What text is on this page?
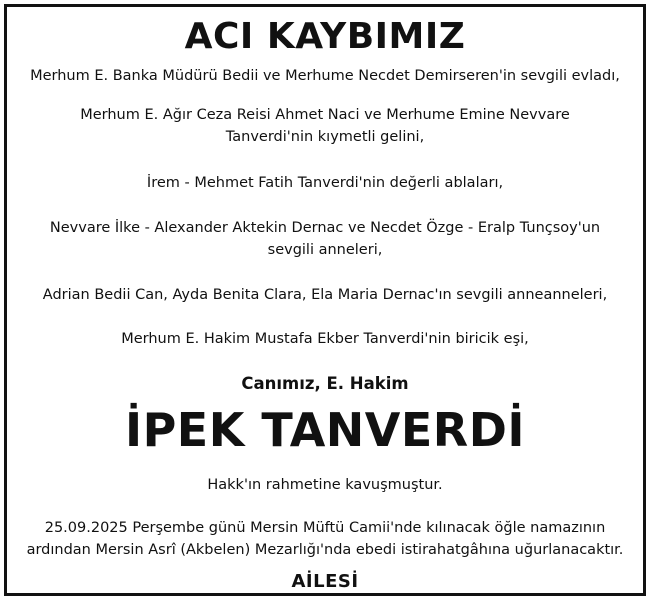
ACI KAYBIMIZ
Merhum E. Banka Müdürü Bedii ve Merhume Necdet Demirseren'in sevgili evladı,
Merhum E. Ağır Ceza Reisi Ahmet Naci ve Merhume Emine Nevvare Tanverdi'nin kıymetli gelini,
İrem - Mehmet Fatih Tanverdi'nin değerli ablaları,
Nevvare İlke - Alexander Aktekin Dernac ve Necdet Özge - Eralp Tunçsoy'un sevgili anneleri,
Adrian Bedii Can, Ayda Benita Clara, Ela Maria Dernac'ın sevgili anneanneleri,
Merhum E. Hakim Mustafa Ekber Tanverdi'nin biricik eşi,
Canımız, E. Hakim
İPEK TANVERDİ
Hakk'ın rahmetine kavuşmuştur.
25.09.2025 Perşembe günü Mersin Müftü Camii'nde kılınacak öğle namazının ardından Mersin Asrî (Akbelen) Mezarlığı'nda ebedi istirahatgâhına uğurlanacaktır.
AİLESİ
